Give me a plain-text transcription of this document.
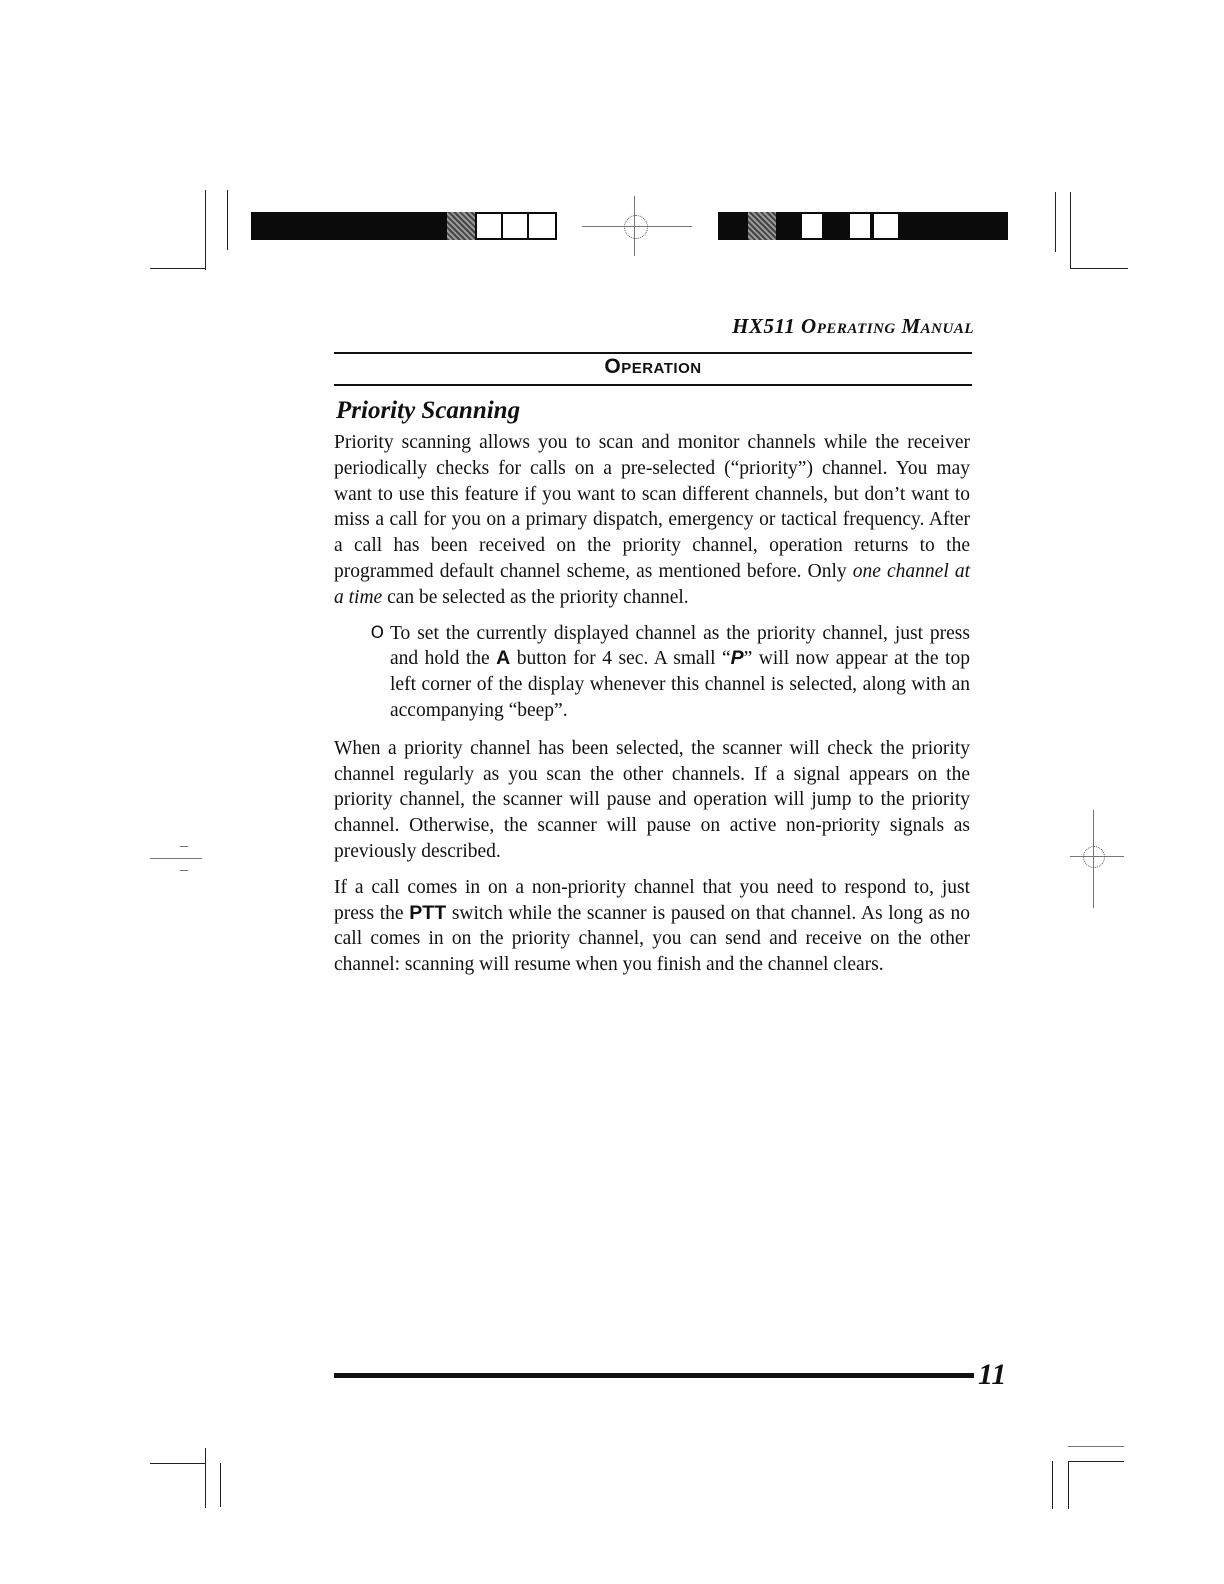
HX511 Operating Manual
Operation
Priority Scanning

Priority scanning allows you to scan and monitor channels while the receiver periodically checks for calls on a pre-selected (“priority”) channel. You may want to use this feature if you want to scan different channels, but don’t want to miss a call for you on a primary dispatch, emergency or tactical frequency. After a call has been received on the priority channel, operation returns to the programmed default channel scheme, as mentioned before. Only one channel at a time can be selected as the priority channel.

O To set the currently displayed channel as the priority channel, just press and hold the A button for 4 sec. A small “P” will now appear at the top left corner of the display whenever this channel is selected, along with an accompanying “beep”.

When a priority channel has been selected, the scanner will check the priority channel regularly as you scan the other channels. If a signal appears on the priority channel, the scanner will pause and operation will jump to the priority channel. Otherwise, the scanner will pause on active non-priority signals as previously described.

If a call comes in on a non-priority channel that you need to respond to, just press the PTT switch while the scanner is paused on that channel. As long as no call comes in on the priority channel, you can send and receive on the other channel: scanning will resume when you finish and the channel clears.

11
